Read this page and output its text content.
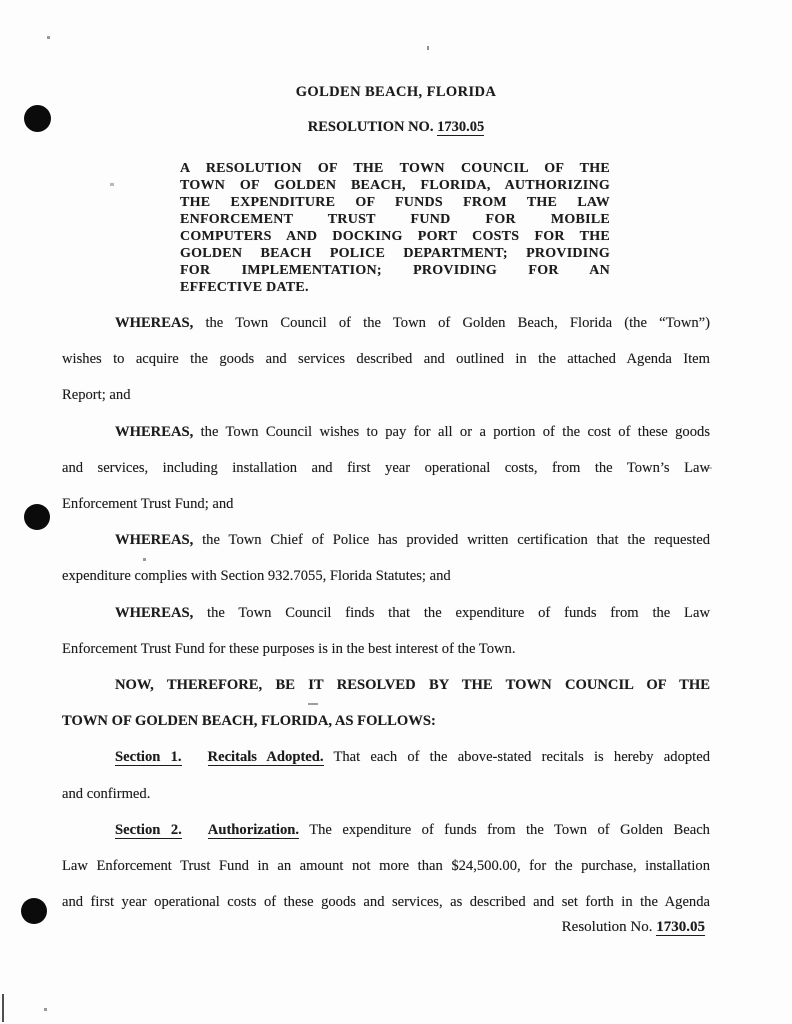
GOLDEN BEACH, FLORIDA
RESOLUTION NO. 1730.05
A RESOLUTION OF THE TOWN COUNCIL OF THE
TOWN OF GOLDEN BEACH, FLORIDA, AUTHORIZING
THE EXPENDITURE OF FUNDS FROM THE LAW
ENFORCEMENT TRUST FUND FOR MOBILE
COMPUTERS AND DOCKING PORT COSTS FOR THE
GOLDEN BEACH POLICE DEPARTMENT; PROVIDING
FOR IMPLEMENTATION; PROVIDING FOR AN
EFFECTIVE DATE.
WHEREAS, the Town Council of the Town of Golden Beach, Florida (the “Town”)
wishes to acquire the goods and services described and outlined in the attached Agenda Item
Report; and
WHEREAS, the Town Council wishes to pay for all or a portion of the cost of these goods
and services, including installation and first year operational costs, from the Town’s Law
Enforcement Trust Fund; and
WHEREAS, the Town Chief of Police has provided written certification that the requested
expenditure complies with Section 932.7055, Florida Statutes; and
WHEREAS, the Town Council finds that the expenditure of funds from the Law
Enforcement Trust Fund for these purposes is in the best interest of the Town.
NOW, THEREFORE, BE IT RESOLVED BY THE TOWN COUNCIL OF THE
TOWN OF GOLDEN BEACH, FLORIDA, AS FOLLOWS:
Section 1. Recitals Adopted. That each of the above-stated recitals is hereby adopted
and confirmed.
Section 2. Authorization. The expenditure of funds from the Town of Golden Beach
Law Enforcement Trust Fund in an amount not more than $24,500.00, for the purchase, installation
and first year operational costs of these goods and services, as described and set forth in the Agenda
Resolution No. 1730.05
